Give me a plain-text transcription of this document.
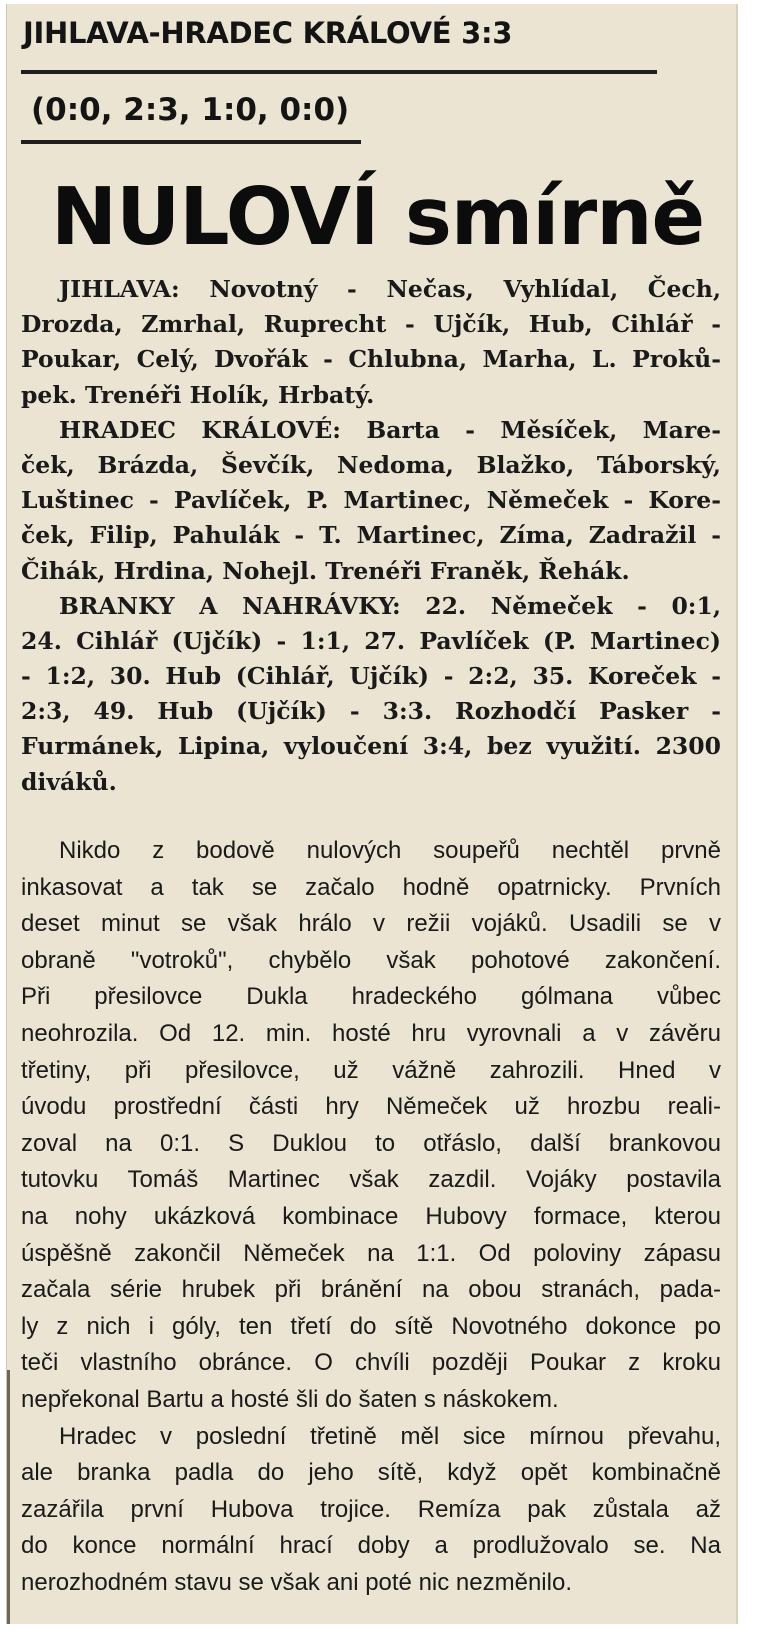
JIHLAVA-HRADEC KRÁLOVÉ 3:3
(0:0, 2:3, 1:0, 0:0)
NULOVÍ smírně
JIHLAVA: Novotný - Nečas, Vyhlídal, Čech,
Drozda, Zmrhal, Ruprecht - Ujčík, Hub, Cihlář -
Poukar, Celý, Dvořák - Chlubna, Marha, L. Proků-
pek. Trenéři Holík, Hrbatý.
HRADEC KRÁLOVÉ: Barta - Měsíček, Mare-
ček, Brázda, Ševčík, Nedoma, Blažko, Táborský,
Luštinec - Pavlíček, P. Martinec, Němeček - Kore-
ček, Filip, Pahulák - T. Martinec, Zíma, Zadražil -
Čihák, Hrdina, Nohejl. Trenéři Franěk, Řehák.
BRANKY A NAHRÁVKY: 22. Němeček - 0:1,
24. Cihlář (Ujčík) - 1:1, 27. Pavlíček (P. Martinec)
- 1:2, 30. Hub (Cihlář, Ujčík) - 2:2, 35. Koreček -
2:3, 49. Hub (Ujčík) - 3:3. Rozhodčí Pasker -
Furmánek, Lipina, vyloučení 3:4, bez využití. 2300
diváků.
Nikdo z bodově nulových soupeřů nechtěl prvně
inkasovat a tak se začalo hodně opatrnicky. Prvních
deset minut se však hrálo v režii vojáků. Usadili se v
obraně "votroků", chybělo však pohotové zakončení.
Při přesilovce Dukla hradeckého gólmana vůbec
neohrozila. Od 12. min. hosté hru vyrovnali a v závěru
třetiny, při přesilovce, už vážně zahrozili. Hned v
úvodu prostřední části hry Němeček už hrozbu reali-
zoval na 0:1. S Duklou to otřáslo, další brankovou
tutovku Tomáš Martinec však zazdil. Vojáky postavila
na nohy ukázková kombinace Hubovy formace, kterou
úspěšně zakončil Němeček na 1:1. Od poloviny zápasu
začala série hrubek při bránění na obou stranách, pada-
ly z nich i góly, ten třetí do sítě Novotného dokonce po
teči vlastního obránce. O chvíli později Poukar z kroku
nepřekonal Bartu a hosté šli do šaten s náskokem.
Hradec v poslední třetině měl sice mírnou převahu,
ale branka padla do jeho sítě, když opět kombinačně
zazářila první Hubova trojice. Remíza pak zůstala až
do konce normální hrací doby a prodlužovalo se. Na
nerozhodném stavu se však ani poté nic nezměnilo.
